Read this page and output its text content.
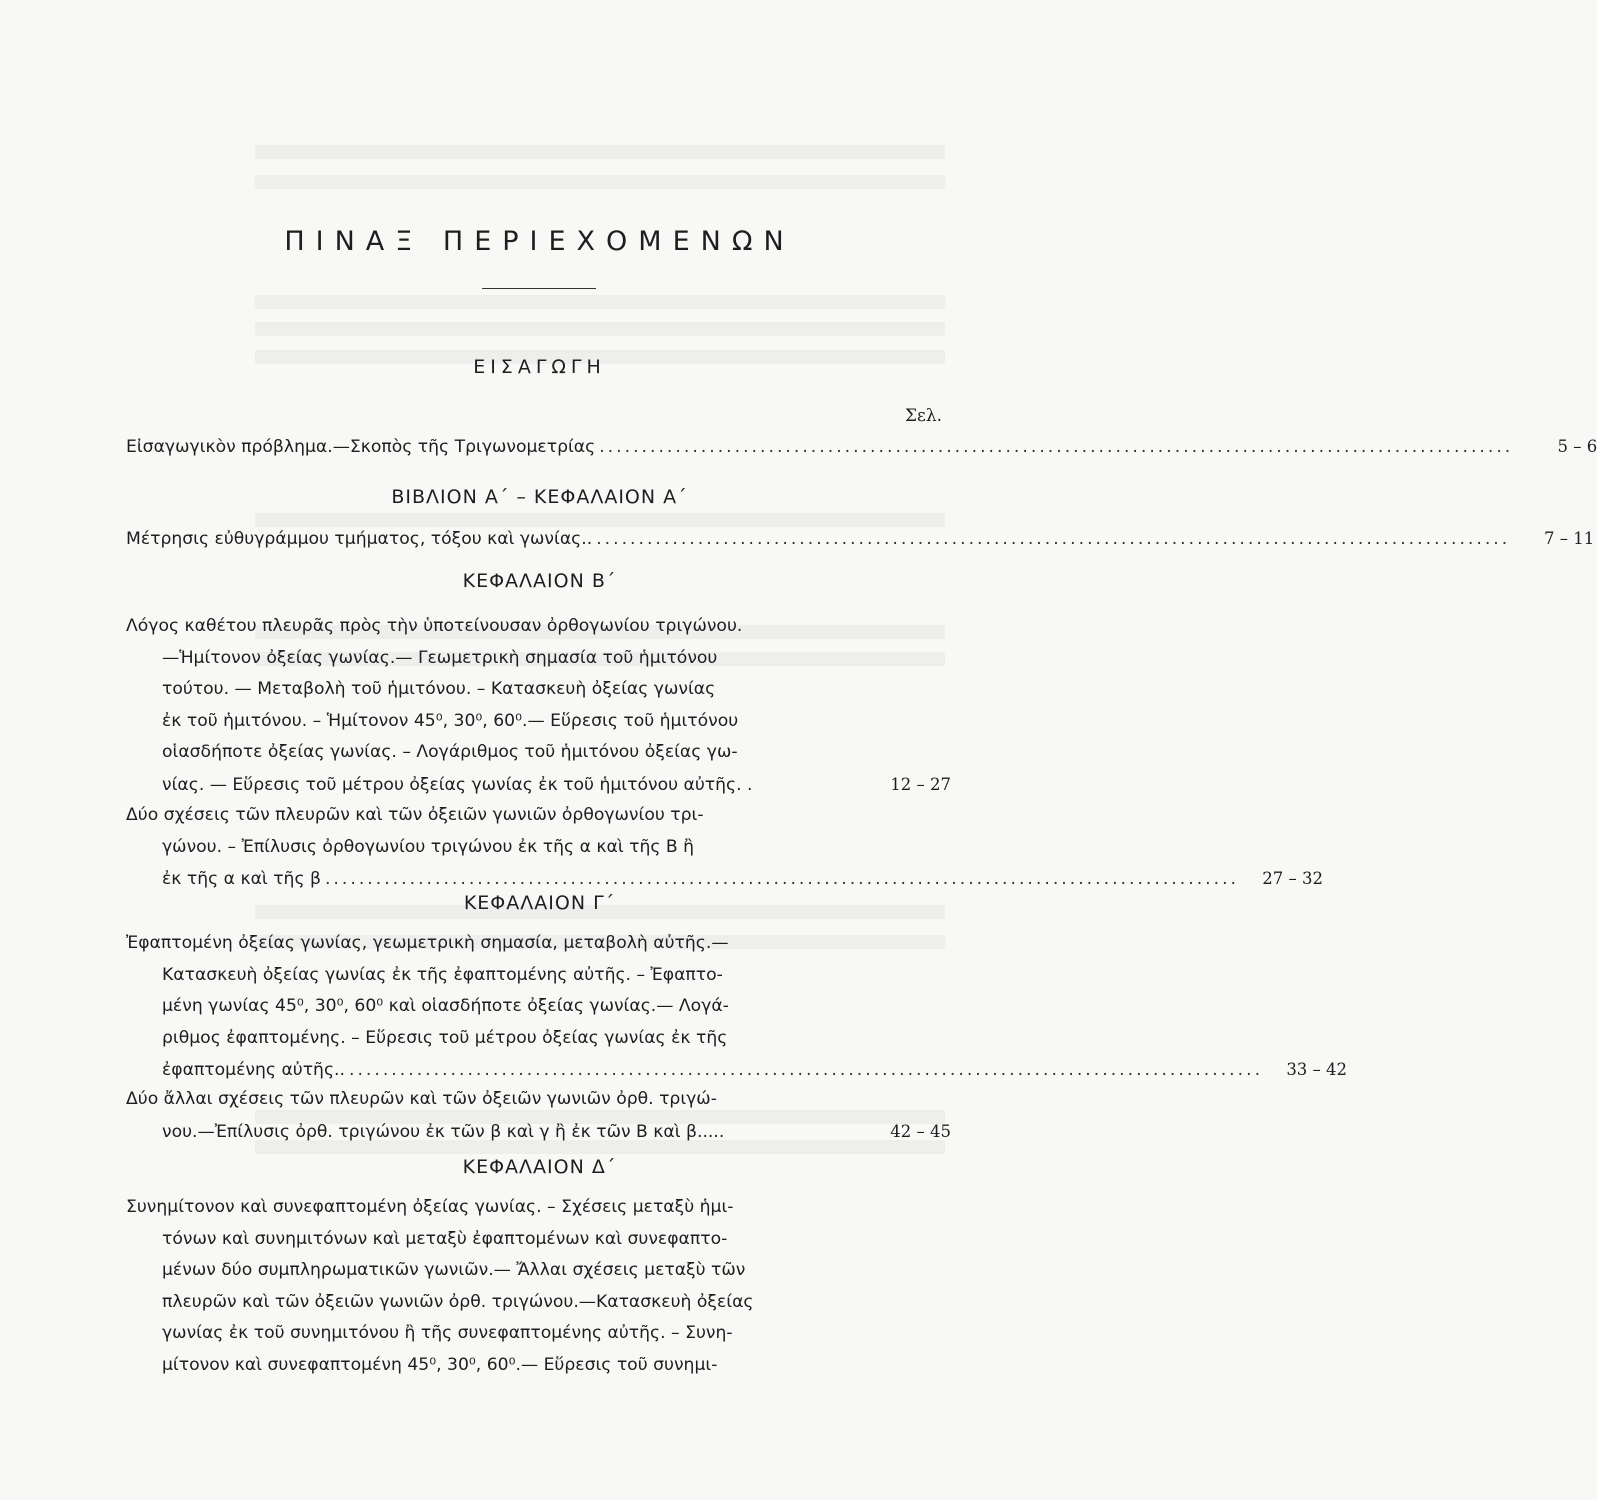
ΠΙΝΑΞ ΠΕΡΙΕΧΟΜΕΝΩΝ
ΕΙΣΑΓΩΓΗ
Σελ.
Εἰσαγωγικὸν πρόβλημα.—Σκοπὸς τῆς Τριγωνομετρίας ............................................................................................................	5 – 6
ΒΙΒΛΙΟΝ Α΄ – ΚΕΦΑΛΑΙΟΝ Α΄
Μέτρησις εὐθυγράμμου τμήματος, τόξου καὶ γωνίας.. ............................................................................................................	7 – 11
ΚΕΦΑΛΑΙΟΝ Β΄
Λόγος καθέτου πλευρᾶς πρὸς τὴν ὑποτείνουσαν ὀρθογωνίου τριγώνου.
—Ἡμίτονον ὀξείας γωνίας.— Γεωμετρικὴ σημασία τοῦ ἡμιτόνου
τούτου. — Μεταβολὴ τοῦ ἡμιτόνου. – Κατασκευὴ ὀξείας γωνίας
ἐκ τοῦ ἡμιτόνου. – Ἡμίτονον 45⁰, 30⁰, 60⁰.— Εὕρεσις τοῦ ἡμιτόνου
οἱασδήποτε ὀξείας γωνίας. – Λογάριθμος τοῦ ἡμιτόνου ὀξείας γω-
νίας. — Εὕρεσις τοῦ μέτρου ὀξείας γωνίας ἐκ τοῦ ἡμιτόνου αὐτῆς. .	12 – 27
Δύο σχέσεις τῶν πλευρῶν καὶ τῶν ὀξειῶν γωνιῶν ὀρθογωνίου τρι-
γώνου. – Ἐπίλυσις ὀρθογωνίου τριγώνου ἐκ τῆς α καὶ τῆς Β ἢ
ἐκ τῆς α καὶ τῆς β ............................................................................................................	27 – 32
ΚΕΦΑΛΑΙΟΝ Γ΄
Ἐφαπτομένη ὀξείας γωνίας, γεωμετρικὴ σημασία, μεταβολὴ αὐτῆς.—
Κατασκευὴ ὀξείας γωνίας ἐκ τῆς ἐφαπτομένης αὐτῆς. – Ἐφαπτο-
μένη γωνίας 45⁰, 30⁰, 60⁰ καὶ οἱασδήποτε ὀξείας γωνίας.— Λογά-
ριθμος ἐφαπτομένης. – Εὕρεσις τοῦ μέτρου ὀξείας γωνίας ἐκ τῆς
ἐφαπτομένης αὐτῆς.. ............................................................................................................	33 – 42
Δύο ἄλλαι σχέσεις τῶν πλευρῶν καὶ τῶν ὀξειῶν γωνιῶν ὀρθ. τριγώ-
νου.—Ἐπίλυσις ὀρθ. τριγώνου ἐκ τῶν β καὶ γ ἢ ἐκ τῶν Β καὶ β.....	42 – 45
ΚΕΦΑΛΑΙΟΝ Δ΄
Συνημίτονον καὶ συνεφαπτομένη ὀξείας γωνίας. – Σχέσεις μεταξὺ ἡμι-
τόνων καὶ συνημιτόνων καὶ μεταξὺ ἐφαπτομένων καὶ συνεφαπτο-
μένων δύο συμπληρωματικῶν γωνιῶν.— Ἄλλαι σχέσεις μεταξὺ τῶν
πλευρῶν καὶ τῶν ὀξειῶν γωνιῶν ὀρθ. τριγώνου.—Κατασκευὴ ὀξείας
γωνίας ἐκ τοῦ συνημιτόνου ἢ τῆς συνεφαπτομένης αὐτῆς. – Συνη-
μίτονον καὶ συνεφαπτομένη 45⁰, 30⁰, 60⁰.— Εὕρεσις τοῦ συνημι-
